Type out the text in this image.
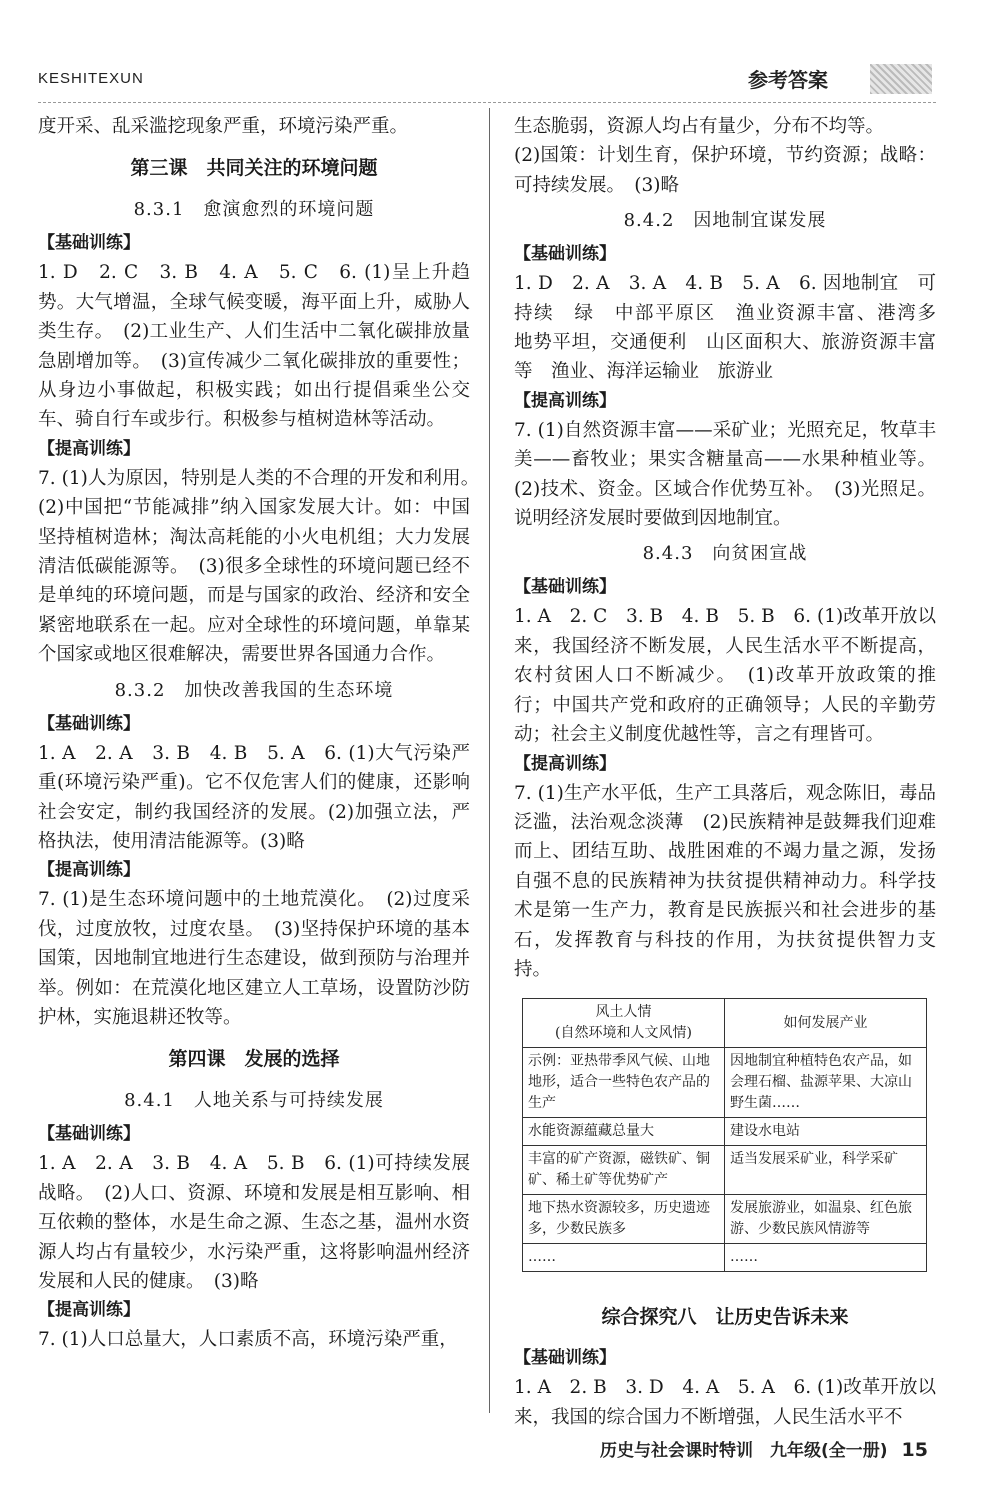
KESHITEXUN	参考答案

度开采、乱采滥挖现象严重，环境污染严重。

第三课　共同关注的环境问题
8.3.1　愈演愈烈的环境问题

【基础训练】

1. D　2. C　3. B　4. A　5. C　6. (1)呈上升趋势。大气增温，全球气候变暖，海平面上升，威胁人类生存。　(2)工业生产、人们生活中二氧化碳排放量急剧增加等。　(3)宣传减少二氧化碳排放的重要性；从身边小事做起，积极实践；如出行提倡乘坐公交车、骑自行车或步行。积极参与植树造林等活动。

【提高训练】

7. (1)人为原因，特别是人类的不合理的开发和利用。　(2)中国把“节能减排”纳入国家发展大计。如：中国坚持植树造林；淘汰高耗能的小火电机组；大力发展清洁低碳能源等。　(3)很多全球性的环境问题已经不是单纯的环境问题，而是与国家的政治、经济和安全紧密地联系在一起。应对全球性的环境问题，单靠某个国家或地区很难解决，需要世界各国通力合作。

8.3.2　加快改善我国的生态环境

【基础训练】

1. A　2. A　3. B　4. B　5. A　6. (1)大气污染严重(环境污染严重)。它不仅危害人们的健康，还影响社会安定，制约我国经济的发展。(2)加强立法，严格执法，使用清洁能源等。(3)略

【提高训练】

7. (1)是生态环境问题中的土地荒漠化。　(2)过度采伐，过度放牧，过度农垦。　(3)坚持保护环境的基本国策，因地制宜地进行生态建设，做到预防与治理并举。例如：在荒漠化地区建立人工草场，设置防沙防护林，实施退耕还牧等。

第四课　发展的选择
8.4.1　人地关系与可持续发展

【基础训练】

1. A　2. A　3. B　4. A　5. B　6. (1)可持续发展战略。　(2)人口、资源、环境和发展是相互影响、相互依赖的整体，水是生命之源、生态之基，温州水资源人均占有量较少，水污染严重，这将影响温州经济发展和人民的健康。　(3)略

【提高训练】

7. (1)人口总量大，人口素质不高，环境污染严重，

生态脆弱，资源人均占有量少，分布不均等。

(2)国策：计划生育，保护环境，节约资源；战略：可持续发展。　(3)略

8.4.2　因地制宜谋发展

【基础训练】

1. D　2. A　3. A　4. B　5. A　6. 因地制宜　可持续　绿　中部平原区　渔业资源丰富、港湾多　地势平坦，交通便利　山区面积大、旅游资源丰富等　渔业、海洋运输业　旅游业

【提高训练】

7. (1)自然资源丰富——采矿业；光照充足，牧草丰美——畜牧业；果实含糖量高——水果种植业等。(2)技术、资金。区域合作优势互补。　(3)光照足。说明经济发展时要做到因地制宜。

8.4.3　向贫困宣战

【基础训练】

1. A　2. C　3. B　4. B　5. B　6. (1)改革开放以来，我国经济不断发展，人民生活水平不断提高，农村贫困人口不断减少。　(1)改革开放政策的推行；中国共产党和政府的正确领导；人民的辛勤劳动；社会主义制度优越性等，言之有理皆可。

【提高训练】

7. (1)生产水平低，生产工具落后，观念陈旧，毒品泛滥，法治观念淡薄　(2)民族精神是鼓舞我们迎难而上、团结互助、战胜困难的不竭力量之源，发扬自强不息的民族精神为扶贫提供精神动力。科学技术是第一生产力，教育是民族振兴和社会进步的基石，发挥教育与科技的作用，为扶贫提供智力支持。

风土人情
(自然环境和人文风情)	如何发展产业
示例：亚热带季风气候、山地地形，适合一些特色农产品的生产	因地制宜种植特色农产品，如会理石榴、盐源苹果、大凉山野生菌……
水能资源蕴藏总量大	建设水电站
丰富的矿产资源，磁铁矿、铜矿、稀土矿等优势矿产	适当发展采矿业，科学采矿
地下热水资源较多，历史遗迹多，少数民族多	发展旅游业，如温泉、红色旅游、少数民族风情游等
……	……
综合探究八　让历史告诉未来

【基础训练】

1. A　2. B　3. D　4. A　5. A　6. (1)改革开放以来，我国的综合国力不断增强，人民生活水平不

历史与社会课时特训　九年级(全一册) 15
